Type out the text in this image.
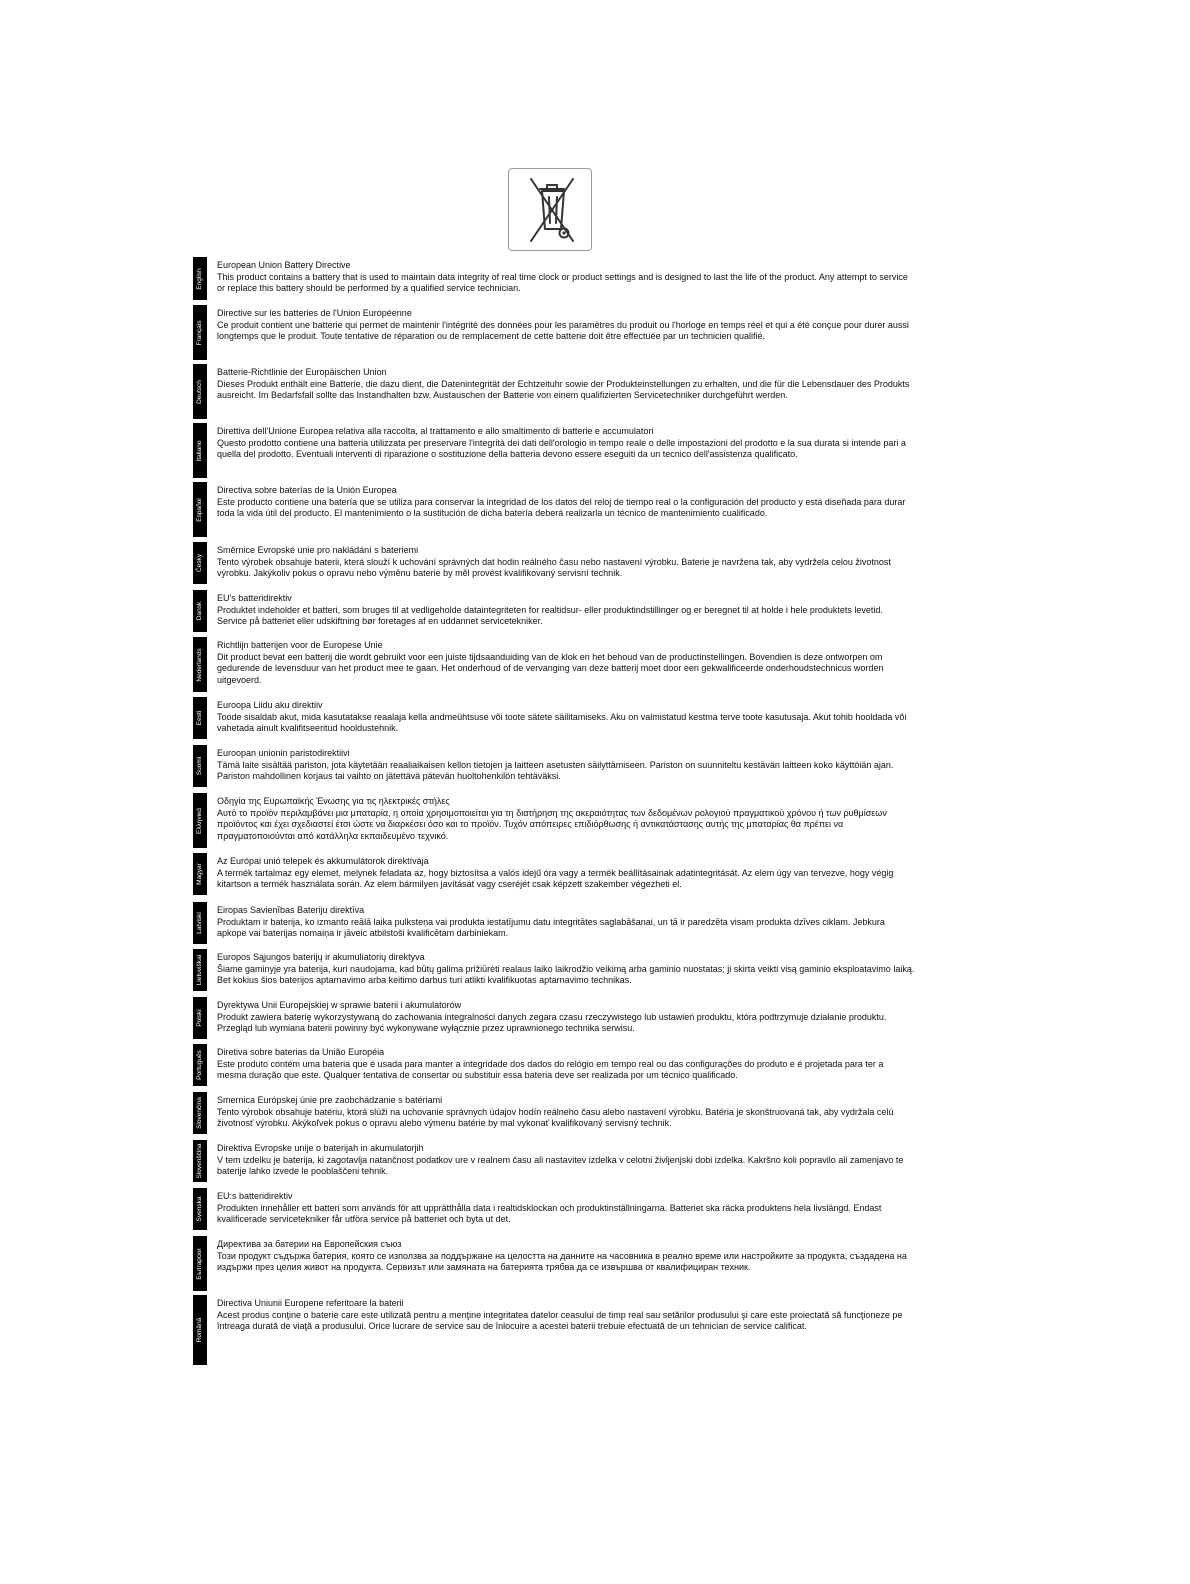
English
European Union Battery Directive
This product contains a battery that is used to maintain data integrity of real time clock or product settings and is designed to last the life of the product. Any attempt to service or replace this battery should be performed by a qualified service technician.
Français
Directive sur les batteries de l'Union Européenne
Ce produit contient une batterie qui permet de maintenir l'intégrité des données pour les paramètres du produit ou l'horloge en temps réel et qui a été conçue pour durer aussi longtemps que le produit. Toute tentative de réparation ou de remplacement de cette batterie doit être effectuée par un technicien qualifié.
Deutsch
Batterie-Richtlinie der Europäischen Union
Dieses Produkt enthält eine Batterie, die dazu dient, die Datenintegrität der Echtzeituhr sowie der Produkteinstellungen zu erhalten, und die für die Lebensdauer des Produkts ausreicht. Im Bedarfsfall sollte das Instandhalten bzw. Austauschen der Batterie von einem qualifizierten Servicetechniker durchgeführt werden.
Italiano
Direttiva dell'Unione Europea relativa alla raccolta, al trattamento e allo smaltimento di batterie e accumulatori
Questo prodotto contiene una batteria utilizzata per preservare l'integrità dei dati dell'orologio in tempo reale o delle impostazioni del prodotto e la sua durata si intende pari a quella del prodotto. Eventuali interventi di riparazione o sostituzione della batteria devono essere eseguiti da un tecnico dell'assistenza qualificato.
Español
Directiva sobre baterías de la Unión Europea
Este producto contiene una batería que se utiliza para conservar la integridad de los datos del reloj de tiempo real o la configuración del producto y está diseñada para durar toda la vida útil del producto. El mantenimiento o la sustitución de dicha batería deberá realizarla un técnico de mantenimiento cualificado.
Česky
Směrnice Evropské unie pro nakládání s bateriemi
Tento výrobek obsahuje baterii, která slouží k uchování správných dat hodin reálného času nebo nastavení výrobku. Baterie je navržena tak, aby vydržela celou životnost výrobku. Jakýkoliv pokus o opravu nebo výměnu baterie by měl provést kvalifikovaný servisní technik.
Dansk
EU's batteridirektiv
Produktet indeholder et batteri, som bruges til at vedligeholde dataintegriteten for realtidsur- eller produktindstillinger og er beregnet til at holde i hele produktets levetid. Service på batteriet eller udskiftning bør foretages af en uddannet servicetekniker.
Nederlands
Richtlijn batterijen voor de Europese Unie
Dit product bevat een batterij die wordt gebruikt voor een juiste tijdsaanduiding van de klok en het behoud van de productinstellingen. Bovendien is deze ontworpen om gedurende de levensduur van het product mee te gaan. Het onderhoud of de vervanging van deze batterij moet door een gekwalificeerde onderhoudstechnicus worden uitgevoerd.
Eesti
Euroopa Liidu aku direktiiv
Toode sisaldab akut, mida kasutatakse reaalaja kella andmeühtsuse või toote sätete säilitamiseks. Aku on valmistatud kestma terve toote kasutusaja. Akut tohib hooldada või vahetada ainult kvalifitseeritud hooldustehnik.
Suomi
Euroopan unionin paristodirektiivi
Tämä laite sisältää pariston, jota käytetään reaaliaikaisen kellon tietojen ja laitteen asetusten säilyttämiseen. Pariston on suunniteltu kestävän laitteen koko käyttöiän ajan. Pariston mahdollinen korjaus tai vaihto on jätettävä pätevän huoltohenkilön tehtäväksi.
Ελληνικά
Οδηγία της Ευρωπαϊκής Ένωσης για τις ηλεκτρικές στήλες
Αυτό το προϊόν περιλαμβάνει μια μπαταρία, η οποία χρησιμοποιείται για τη διατήρηση της ακεραιότητας των δεδομένων ρολογιού πραγματικού χρόνου ή των ρυθμίσεων προϊόντος και έχει σχεδιαστεί έτσι ώστε να διαρκέσει όσο και το προϊόν. Τυχόν απόπειρες επιδιόρθωσης ή αντικατάστασης αυτής της μπαταρίας θα πρέπει να πραγματοποιούνται από κατάλληλα εκπαιδευμένο τεχνικό.
Magyar
Az Európai unió telepek és akkumulátorok direktívája
A termék tartalmaz egy elemet, melynek feladata az, hogy biztosítsa a valós idejű óra vagy a termék beállításainak adatintegritását. Az elem úgy van tervezve, hogy végig kitartson a termék használata során. Az elem bármilyen javítását vagy cseréjét csak képzett szakember végezheti el.
Latviski
Eiropas Savienības Bateriju direktīva
Produktam ir baterija, ko izmanto reālā laika pulksteņa vai produkta iestatījumu datu integritātes saglabāšanai, un tā ir paredzēta visam produkta dzīves ciklam. Jebkura apkope vai baterijas nomaiņa ir jāveic atbilstoši kvalificētam darbiniekam.
Lietuviškai Europos Sąjungos baterijų ir akumuliatorių direktyva
Šiame gaminyje yra baterija, kuri naudojama, kad būtų galima prižiūrėti realaus laiko laikrodžio veikimą arba gaminio nuostatas; ji skirta veikti visą gaminio eksploatavimo laiką. Bet kokius šios baterijos aptarnavimo arba keitimo darbus turi atlikti kvalifikuotas aptarnavimo technikas.
Polski
Dyrektywa Unii Europejskiej w sprawie baterii i akumulatorów
Produkt zawiera baterię wykorzystywaną do zachowania integralności danych zegara czasu rzeczywistego lub ustawień produktu, która podtrzymuje działanie produktu. Przegląd lub wymiana baterii powinny być wykonywane wyłącznie przez uprawnionego technika serwisu.
Português Diretiva sobre baterias da União Européia
Este produto contém uma bateria que é usada para manter a integridade dos dados do relógio em tempo real ou das configurações do produto e é projetada para ter a mesma duração que este. Qualquer tentativa de consertar ou substituir essa bateria deve ser realizada por um técnico qualificado.
Slovenčina Smernica Európskej únie pre zaobchádzanie s batériami
Tento výrobok obsahuje batériu, ktorá slúži na uchovanie správnych údajov hodín reálneho času alebo nastavení výrobku. Batéria je skonštruovaná tak, aby vydržala celú životnosť výrobku. Akýkoľvek pokus o opravu alebo výmenu batérie by mal vykonať kvalifikovaný servisný technik.
Slovenščina Direktiva Evropske unije o baterijah in akumulatorjih
V tem izdelku je baterija, ki zagotavlja natančnost podatkov ure v realnem času ali nastavitev izdelka v celotni življenjski dobi izdelka. Kakršno koli popravilo ali zamenjavo te baterije lahko izvede le pooblaščeni tehnik.
Svenska
EU:s batteridirektiv
Produkten innehåller ett batteri som används för att upprätthålla data i realtidsklockan och produktinställningarna. Batteriet ska räcka produktens hela livslängd. Endast kvalificerade servicetekniker får utföra service på batteriet och byta ut det.
Български
Директива за батерии на Европейския съюз
Този продукт съдържа батерия, която се използва за поддържане на целостта на данните на часовника в реално време или настройките за продукта, създадена на издържи през целия живот на продукта. Сервизът или замяната на батерията трябва да се извършва от квалифициран техник.
Română
Directiva Uniunii Europene referitoare la baterii
Acest produs conţine o baterie care este utilizată pentru a menţine integritatea datelor ceasului de timp real sau setărilor produsului şi care este proiectată să funcţioneze pe întreaga durată de viaţă a produsului. Orice lucrare de service sau de înlocuire a acestei baterii trebuie efectuată de un tehnician de service calificat.
